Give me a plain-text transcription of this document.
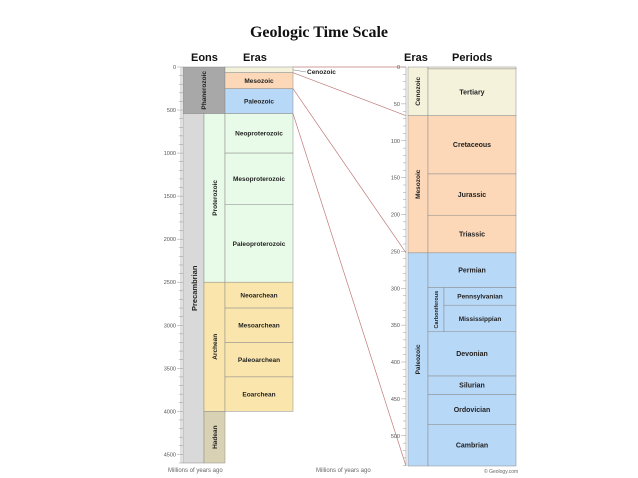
Geologic Time Scale
Eons Eras	Eras Periods
0
500
1000
1500
2000
2500
3000
3500
4000
4500
Phanerozoic
Precambrian
Proterozoic
Archean
Hadean
Mesozoic
Paleozoic
Neoproterozoic
Mesoproterozoic
Paleoproterozoic
Neoarchean
Mesoarchean
Paleoarchean
Eoarchean
Cenozoic
0
50
100
150
200
250
300
350
400
450
500
Cenozoic
Mesozoic
Paleozoic
Carboniferous
Tertiary
Cretaceous
Jurassic
Triassic
Permian
Pennsylvanian
Mississippian
Devonian
Silurian
Ordovician
Cambrian
Millions of years ago	Millions of years ago	© Geology.com
